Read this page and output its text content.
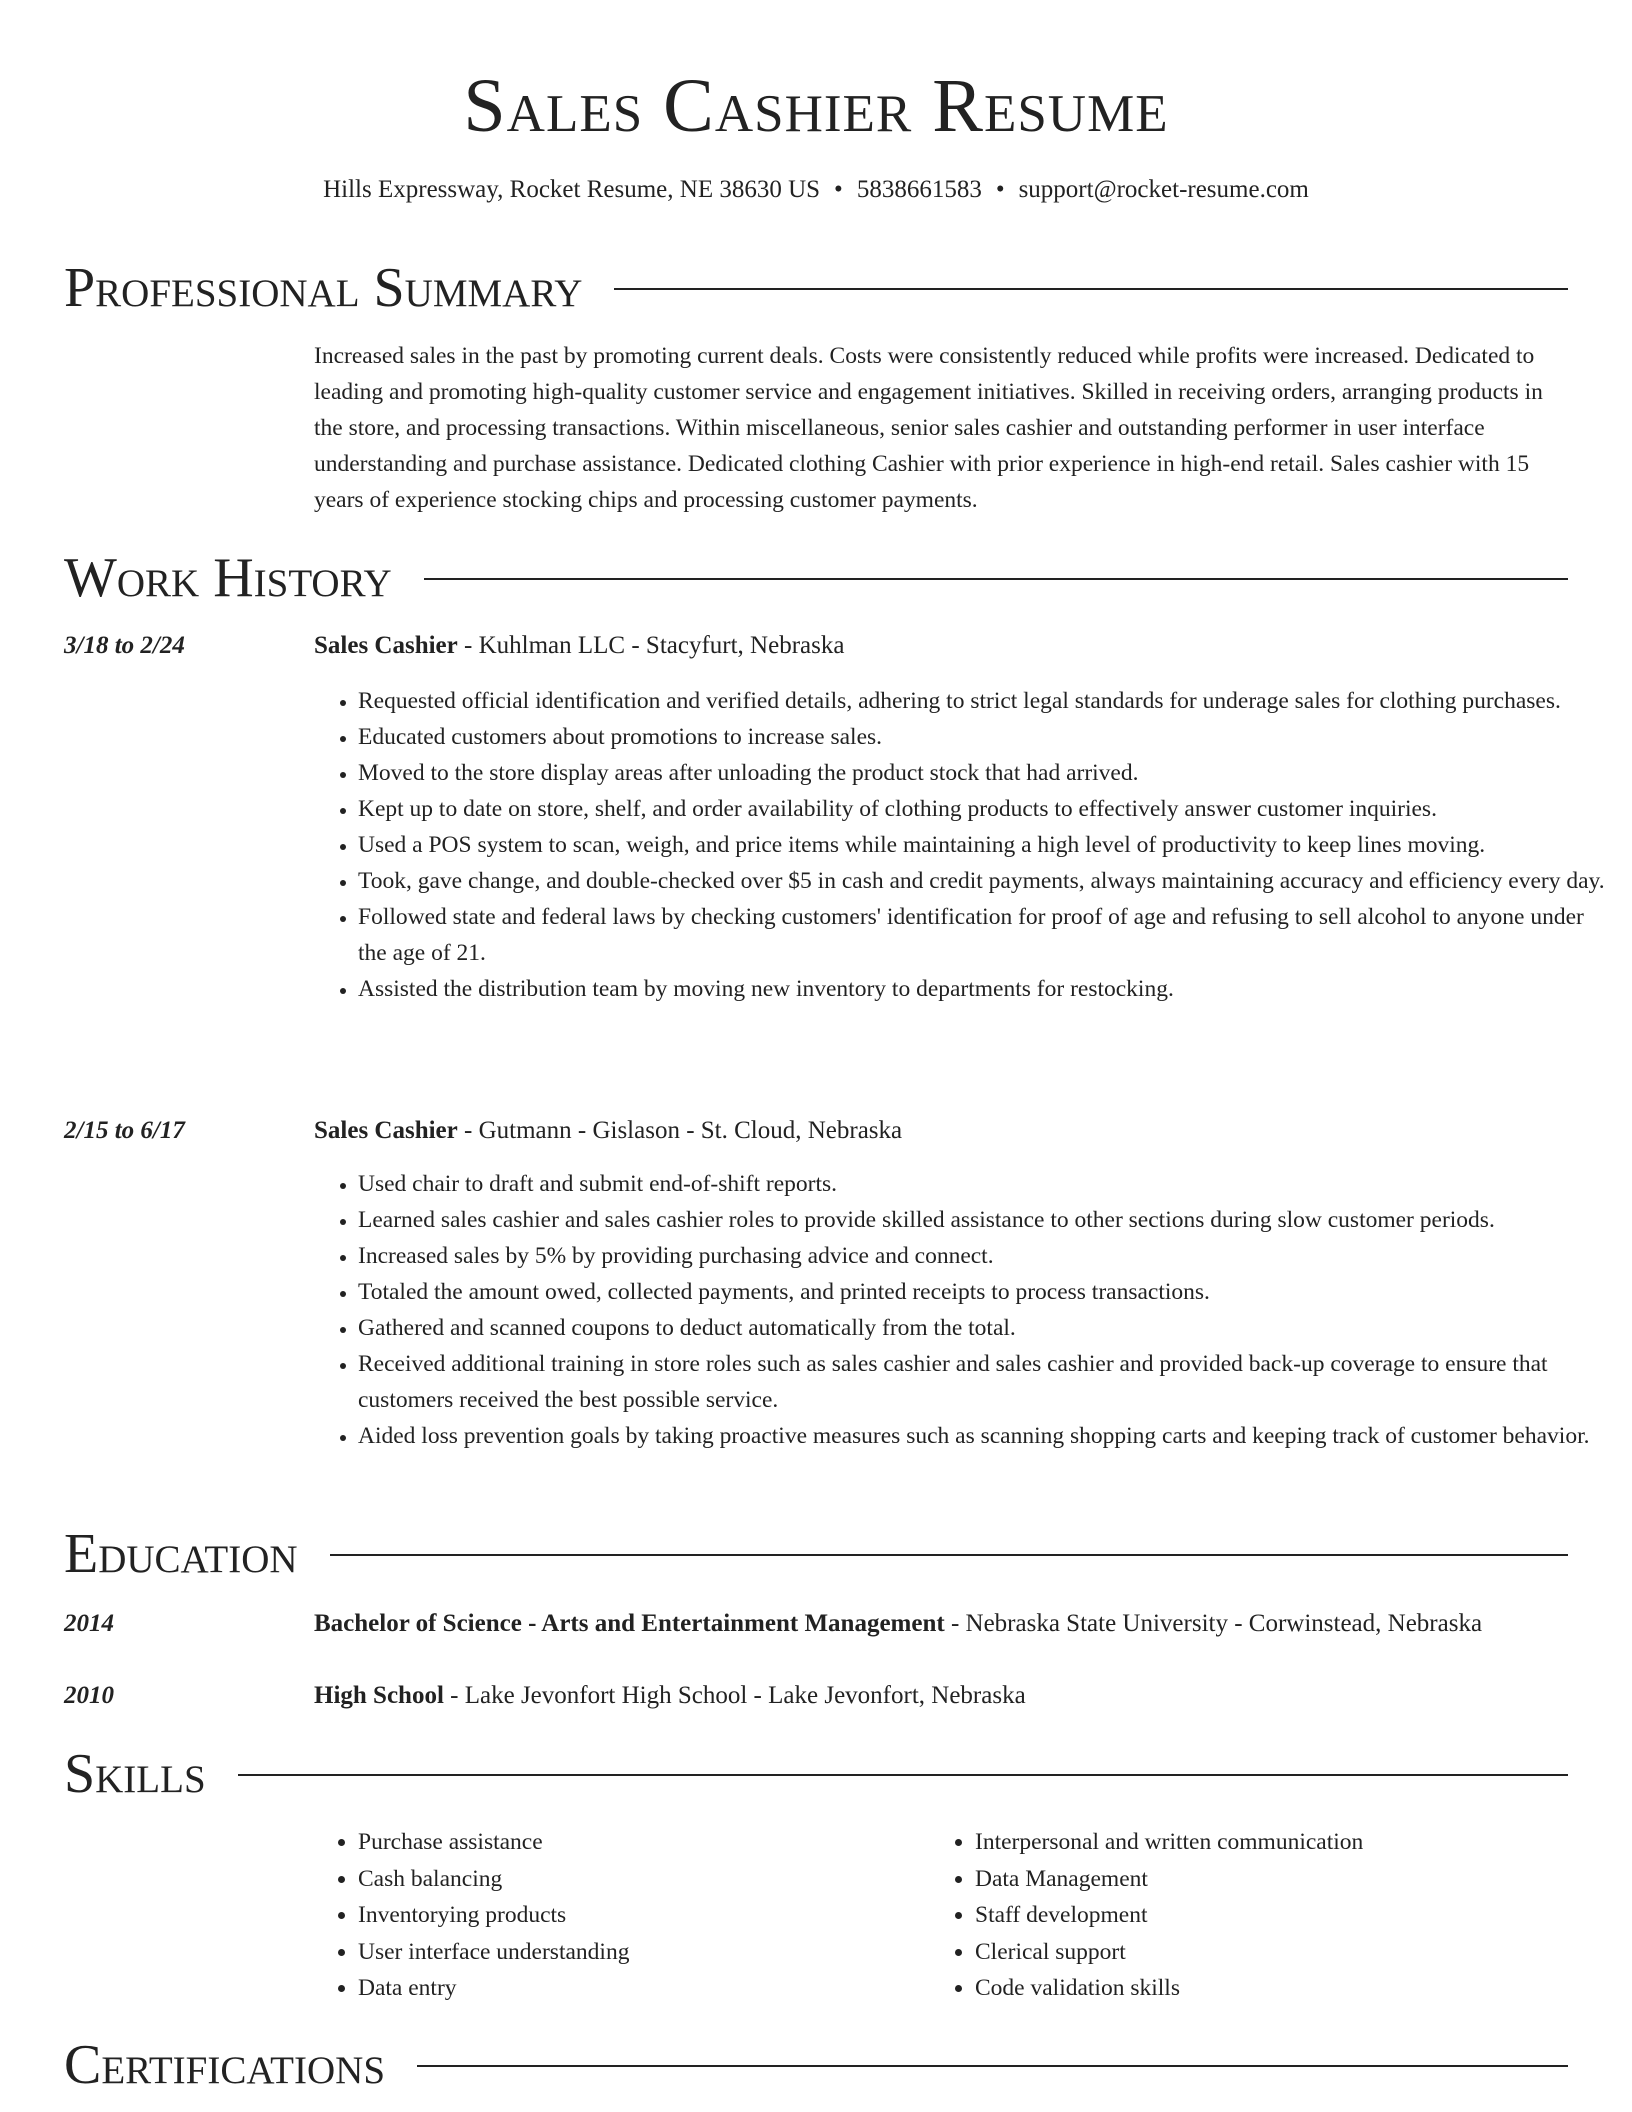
Sales Cashier Resume
Hills Expressway, Rocket Resume, NE 38630 US • 5838661583 • support@rocket-resume.com
Professional Summary

Increased sales in the past by promoting current deals. Costs were consistently reduced while profits were increased. Dedicated to leading and promoting high-quality customer service and engagement initiatives. Skilled in receiving orders, arranging products in the store, and processing transactions. Within miscellaneous, senior sales cashier and outstanding performer in user interface understanding and purchase assistance. Dedicated clothing Cashier with prior experience in high-end retail. Sales cashier with 15 years of experience stocking chips and processing customer payments.

Work History
3/18 to 2/24	Sales Cashier - Kuhlman LLC - Stacyfurt, Nebraska
• Requested official identification and verified details, adhering to strict legal standards for underage sales for clothing purchases.
• Educated customers about promotions to increase sales.
• Moved to the store display areas after unloading the product stock that had arrived.
• Kept up to date on store, shelf, and order availability of clothing products to effectively answer customer inquiries.
• Used a POS system to scan, weigh, and price items while maintaining a high level of productivity to keep lines moving.
• Took, gave change, and double-checked over $5 in cash and credit payments, always maintaining accuracy and efficiency every day.
• Followed state and federal laws by checking customers' identification for proof of age and refusing to sell alcohol to anyone under the age of 21.
• Assisted the distribution team by moving new inventory to departments for restocking.
2/15 to 6/17	Sales Cashier - Gutmann - Gislason - St. Cloud, Nebraska
• Used chair to draft and submit end-of-shift reports.
• Learned sales cashier and sales cashier roles to provide skilled assistance to other sections during slow customer periods.
• Increased sales by 5% by providing purchasing advice and connect.
• Totaled the amount owed, collected payments, and printed receipts to process transactions.
• Gathered and scanned coupons to deduct automatically from the total.
• Received additional training in store roles such as sales cashier and sales cashier and provided back-up coverage to ensure that customers received the best possible service.
• Aided loss prevention goals by taking proactive measures such as scanning shopping carts and keeping track of customer behavior.
Education
2014	Bachelor of Science - Arts and Entertainment Management - Nebraska State University - Corwinstead, Nebraska
2010	High School - Lake Jevonfort High School - Lake Jevonfort, Nebraska
Skills
• Purchase assistance
• Cash balancing
• Inventorying products
• User interface understanding
• Data entry
• Interpersonal and written communication
• Data Management
• Staff development
• Clerical support
• Code validation skills
Certifications
